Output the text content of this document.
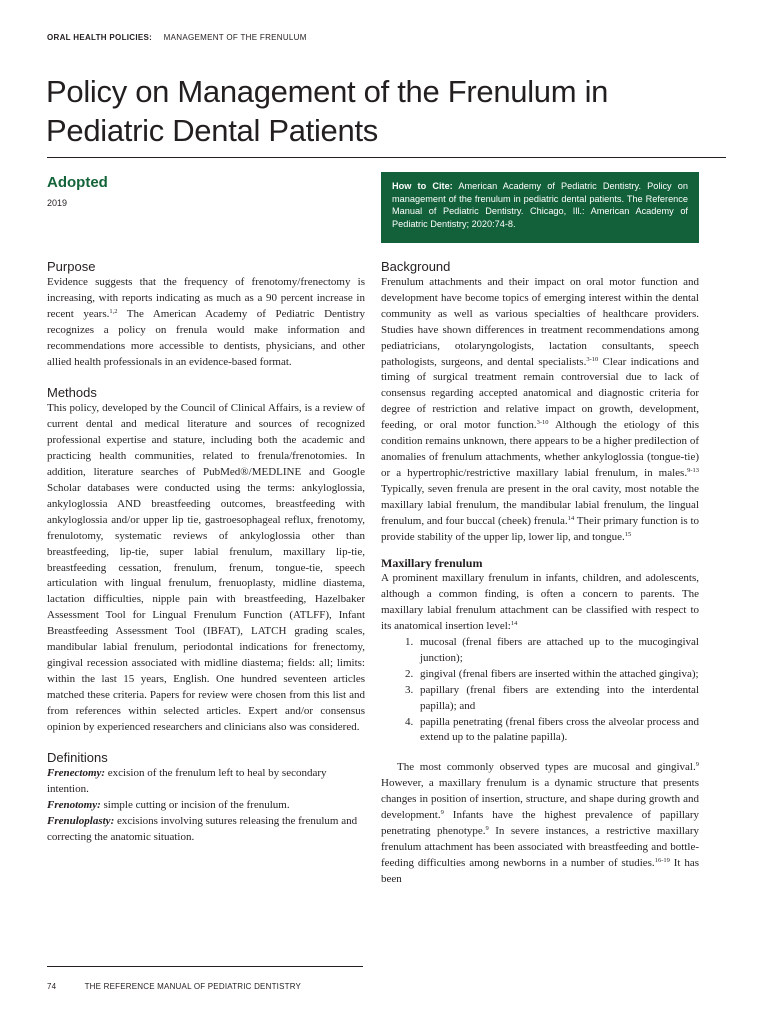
ORAL HEALTH POLICIES: MANAGEMENT OF THE FRENULUM
Policy on Management of the Frenulum in
Pediatric Dental Patients
Adopted
2019
How to Cite: American Academy of Pediatric Dentistry. Policy on management of the frenulum in pediatric dental patients. The Reference Manual of Pediatric Dentistry. Chicago, Ill.: American Academy of Pediatric Dentistry; 2020:74-8.
Purpose

Evidence suggests that the frequency of frenotomy/frenectomy is increasing, with reports indicating as much as a 90 percent increase in recent years.$^{1,2}$ The American Academy of Pediatric Dentistry recognizes a policy on frenula would make information and recommendations more accessible to dentists, physicians, and other allied health professionals in an evidence-based format.

Methods

This policy, developed by the Council of Clinical Affairs, is a review of current dental and medical literature and sources of recognized professional expertise and stature, including both the academic and practicing health communities, related to frenula/frenotomies. In addition, literature searches of PubMed®/MEDLINE and Google Scholar databases were conducted using the terms: ankyloglossia, ankyloglossia AND breastfeeding outcomes, breastfeeding with ankyloglossia and/or upper lip tie, gastroesophageal reflux, frenotomy, frenulotomy, systematic reviews of ankyloglossia other than breastfeeding, lip-tie, super labial frenulum, maxillary lip-tie, breastfeeding cessation, frenulum, frenum, tongue-tie, speech articulation with lingual frenulum, frenuoplasty, midline diastema, lactation difficulties, nipple pain with breastfeeding, Hazelbaker Assessment Tool for Lingual Frenulum Function (ATLFF), Infant Breastfeeding Assessment Tool (IBFAT), LATCH grading scales, mandibular labial frenulum, periodontal indications for frenectomy, gingival recession associated with midline diastema; fields: all; limits: within the last 15 years, English. One hundred seventeen articles matched these criteria. Papers for review were chosen from this list and from references within selected articles. Expert and/or consensus opinion by experienced researchers and clinicians also was considered.

Definitions

Frenectomy: excision of the frenulum left to heal by secondary intention.

Frenotomy: simple cutting or incision of the frenulum.

Frenuloplasty: excisions involving sutures releasing the frenulum and correcting the anatomic situation.

Background

Frenulum attachments and their impact on oral motor function and development have become topics of emerging interest within the dental community as well as various specialties of healthcare providers. Studies have shown differences in treatment recommendations among pediatricians, otolaryngologists, lactation consultants, speech pathologists, surgeons, and dental specialists.$^{3-10}$ Clear indications and timing of surgical treatment remain controversial due to lack of consensus regarding accepted anatomical and diagnostic criteria for degree of restriction and relative impact on growth, development, feeding, or oral motor function.$^{3-10}$ Although the etiology of this condition remains unknown, there appears to be a higher predilection of anomalies of frenulum attachments, whether ankyloglossia (tongue-tie) or a hypertrophic/restrictive maxillary labial frenulum, in males.$^{9-13}$ Typically, seven frenula are present in the oral cavity, most notable the maxillary labial frenulum, the mandibular labial frenulum, the lingual frenulum, and four buccal (cheek) frenula.$^{14}$ Their primary function is to provide stability of the upper lip, lower lip, and tongue.$^{15}$

Maxillary frenulum

A prominent maxillary frenulum in infants, children, and adolescents, although a common finding, is often a concern to parents. The maxillary labial frenulum attachment can be classified with respect to its anatomical insertion level:$^{14}$

1. mucosal (frenal fibers are attached up to the mucogingival junction);
2. gingival (frenal fibers are inserted within the attached gingiva);
3. papillary (frenal fibers are extending into the interdental papilla); and
4. papilla penetrating (frenal fibers cross the alveolar process and extend up to the palatine papilla).

The most commonly observed types are mucosal and gingival.$^9$ However, a maxillary frenulum is a dynamic structure that presents changes in position of insertion, structure, and shape during growth and development.$^9$ Infants have the highest prevalence of papillary penetrating phenotype.$^9$ In severe instances, a restrictive maxillary frenulum attachment has been associated with breastfeeding and bottle-feeding difficulties among newborns in a number of studies.$^{16-19}$ It has been

74	THE REFERENCE MANUAL OF PEDIATRIC DENTISTRY
